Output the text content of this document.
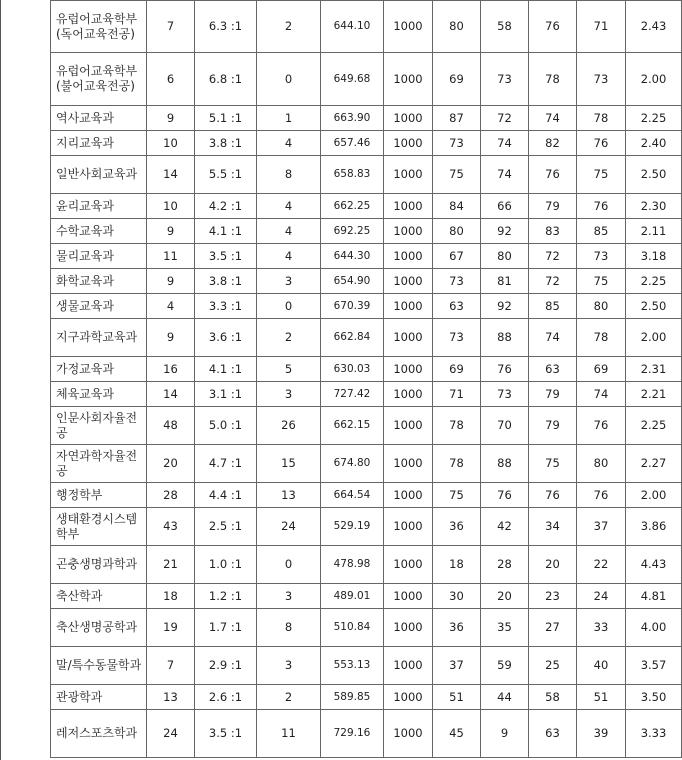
유럽어교육학부 (독어교육전공)	7	6.3 :1	2	644.10	1000	80	58	76	71	2.43
유럽어교육학부 (불어교육전공)	6	6.8 :1	0	649.68	1000	69	73	78	73	2.00
역사교육과	9	5.1 :1	1	663.90	1000	87	72	74	78	2.25
지리교육과	10	3.8 :1	4	657.46	1000	73	74	82	76	2.40
일반사회교육과	14	5.5 :1	8	658.83	1000	75	74	76	75	2.50
윤리교육과	10	4.2 :1	4	662.25	1000	84	66	79	76	2.30
수학교육과	9	4.1 :1	4	692.25	1000	80	92	83	85	2.11
물리교육과	11	3.5 :1	4	644.30	1000	67	80	72	73	3.18
화학교육과	9	3.8 :1	3	654.90	1000	73	81	72	75	2.25
생물교육과	4	3.3 :1	0	670.39	1000	63	92	85	80	2.50
지구과학교육과	9	3.6 :1	2	662.84	1000	73	88	74	78	2.00
가정교육과	16	4.1 :1	5	630.03	1000	69	76	63	69	2.31
체육교육과	14	3.1 :1	3	727.42	1000	71	73	79	74	2.21
인문사회자율전공	48	5.0 :1	26	662.15	1000	78	70	79	76	2.25
자연과학자율전공	20	4.7 :1	15	674.80	1000	78	88	75	80	2.27
행정학부	28	4.4 :1	13	664.54	1000	75	76	76	76	2.00
생태환경시스템학부	43	2.5 :1	24	529.19	1000	36	42	34	37	3.86
곤충생명과학과	21	1.0 :1	0	478.98	1000	18	28	20	22	4.43
축산학과	18	1.2 :1	3	489.01	1000	30	20	23	24	4.81
축산생명공학과	19	1.7 :1	8	510.84	1000	36	35	27	33	4.00
말/특수동물학과	7	2.9 :1	3	553.13	1000	37	59	25	40	3.57
관광학과	13	2.6 :1	2	589.85	1000	51	44	58	51	3.50
레저스포츠학과	24	3.5 :1	11	729.16	1000	45	9	63	39	3.33
